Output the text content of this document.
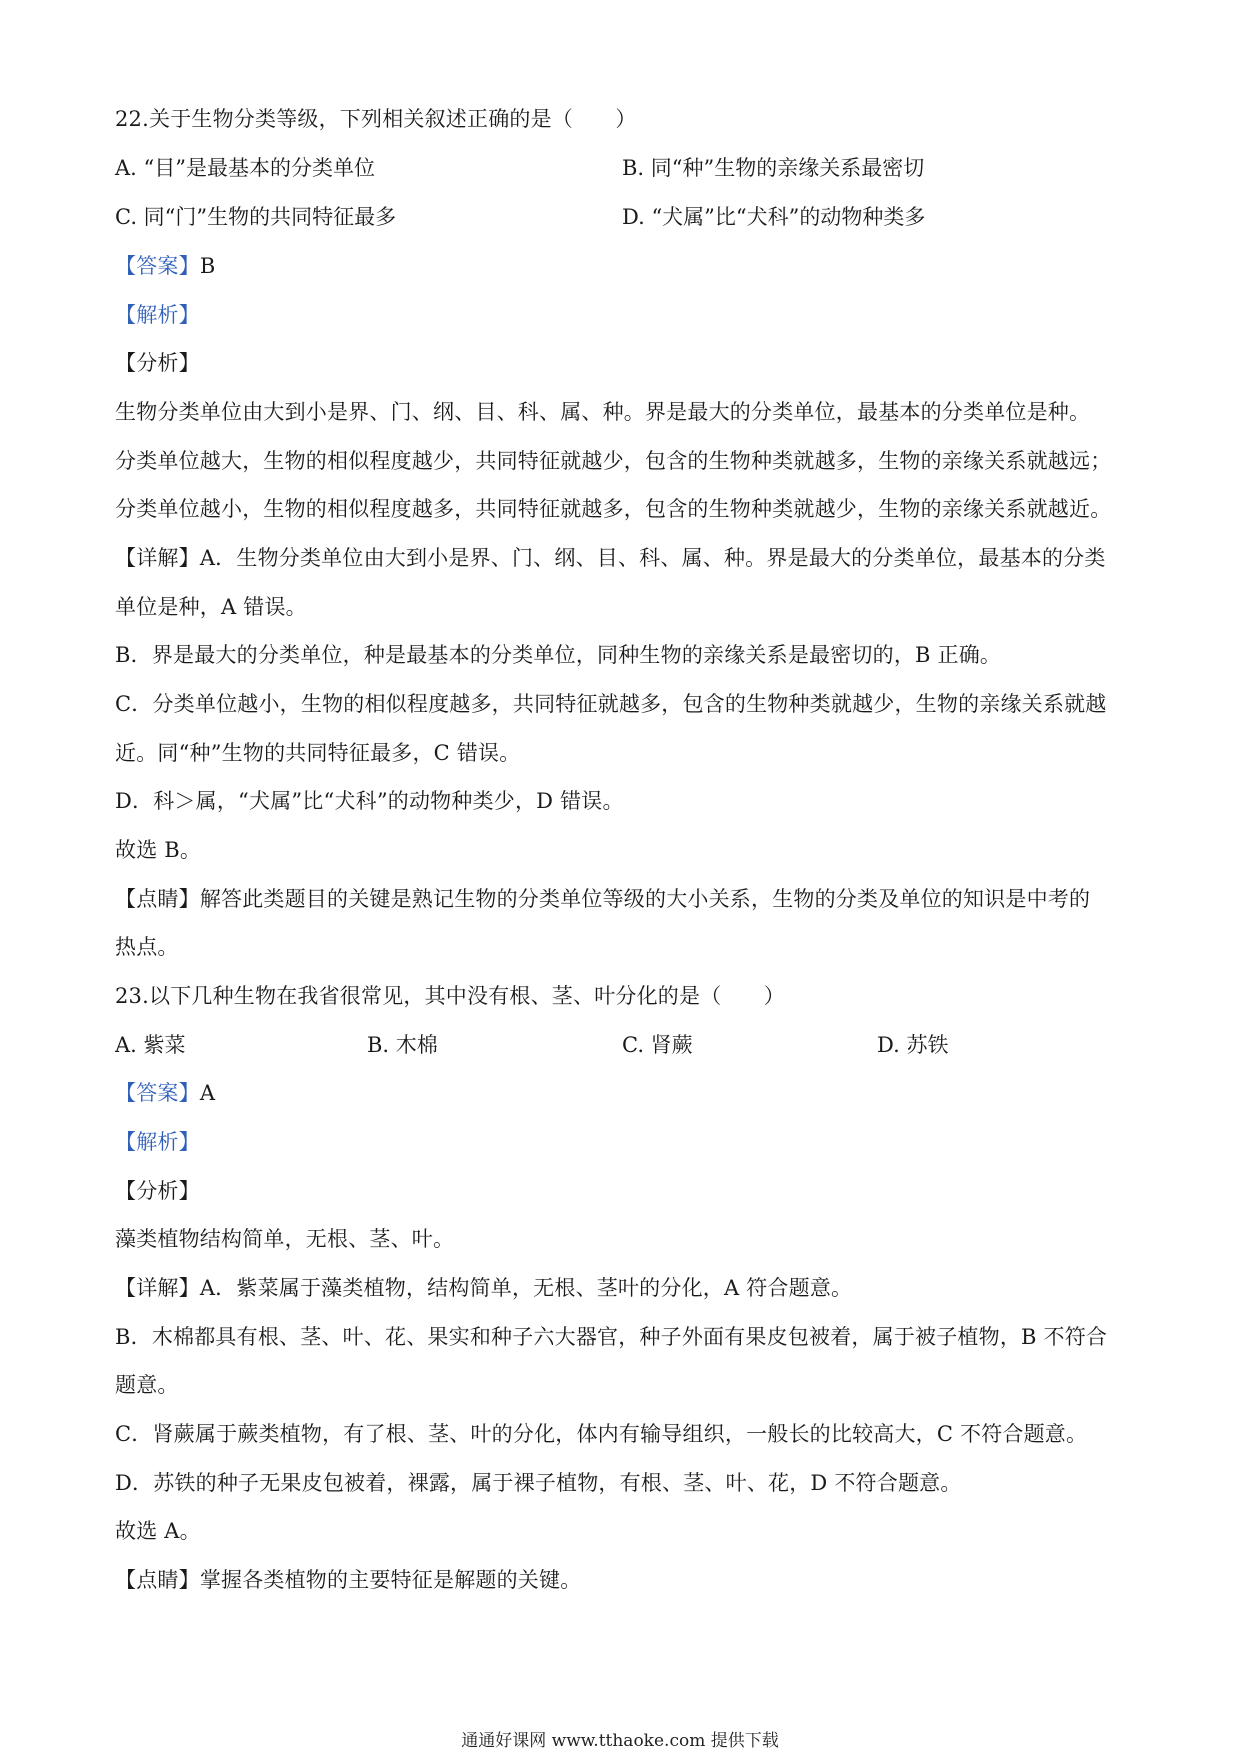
22.关于生物分类等级，下列相关叙述正确的是（　　）
A. “目”是最基本的分类单位	B. 同“种”生物的亲缘关系最密切
C. 同“门”生物的共同特征最多	D. “犬属”比“犬科”的动物种类多
【答案】B
【解析】
【分析】
生物分类单位由大到小是界、门、纲、目、科、属、种。界是最大的分类单位，最基本的分类单位是种。
分类单位越大，生物的相似程度越少，共同特征就越少，包含的生物种类就越多，生物的亲缘关系就越远；
分类单位越小，生物的相似程度越多，共同特征就越多，包含的生物种类就越少，生物的亲缘关系就越近。
【详解】A．生物分类单位由大到小是界、门、纲、目、科、属、种。界是最大的分类单位，最基本的分类
单位是种，A 错误。
B．界是最大的分类单位，种是最基本的分类单位，同种生物的亲缘关系是最密切的，B 正确。
C．分类单位越小，生物的相似程度越多，共同特征就越多，包含的生物种类就越少，生物的亲缘关系就越
近。同“种”生物的共同特征最多，C 错误。
D．科＞属，“犬属”比“犬科”的动物种类少，D 错误。
故选 B。
【点睛】解答此类题目的关键是熟记生物的分类单位等级的大小关系，生物的分类及单位的知识是中考的
热点。
23.以下几种生物在我省很常见，其中没有根、茎、叶分化的是（　　）
A. 紫菜	B. 木棉	C. 肾蕨	D. 苏铁
【答案】A
【解析】
【分析】
藻类植物结构简单，无根、茎、叶。
【详解】A．紫菜属于藻类植物，结构简单，无根、茎叶的分化，A 符合题意。
B．木棉都具有根、茎、叶、花、果实和种子六大器官，种子外面有果皮包被着，属于被子植物，B 不符合
题意。
C．肾蕨属于蕨类植物，有了根、茎、叶的分化，体内有输导组织，一般长的比较高大，C 不符合题意。
D．苏铁的种子无果皮包被着，裸露，属于裸子植物，有根、茎、叶、花，D 不符合题意。
故选 A。
【点睛】掌握各类植物的主要特征是解题的关键。
通通好课网 www.tthaoke.com 提供下载
